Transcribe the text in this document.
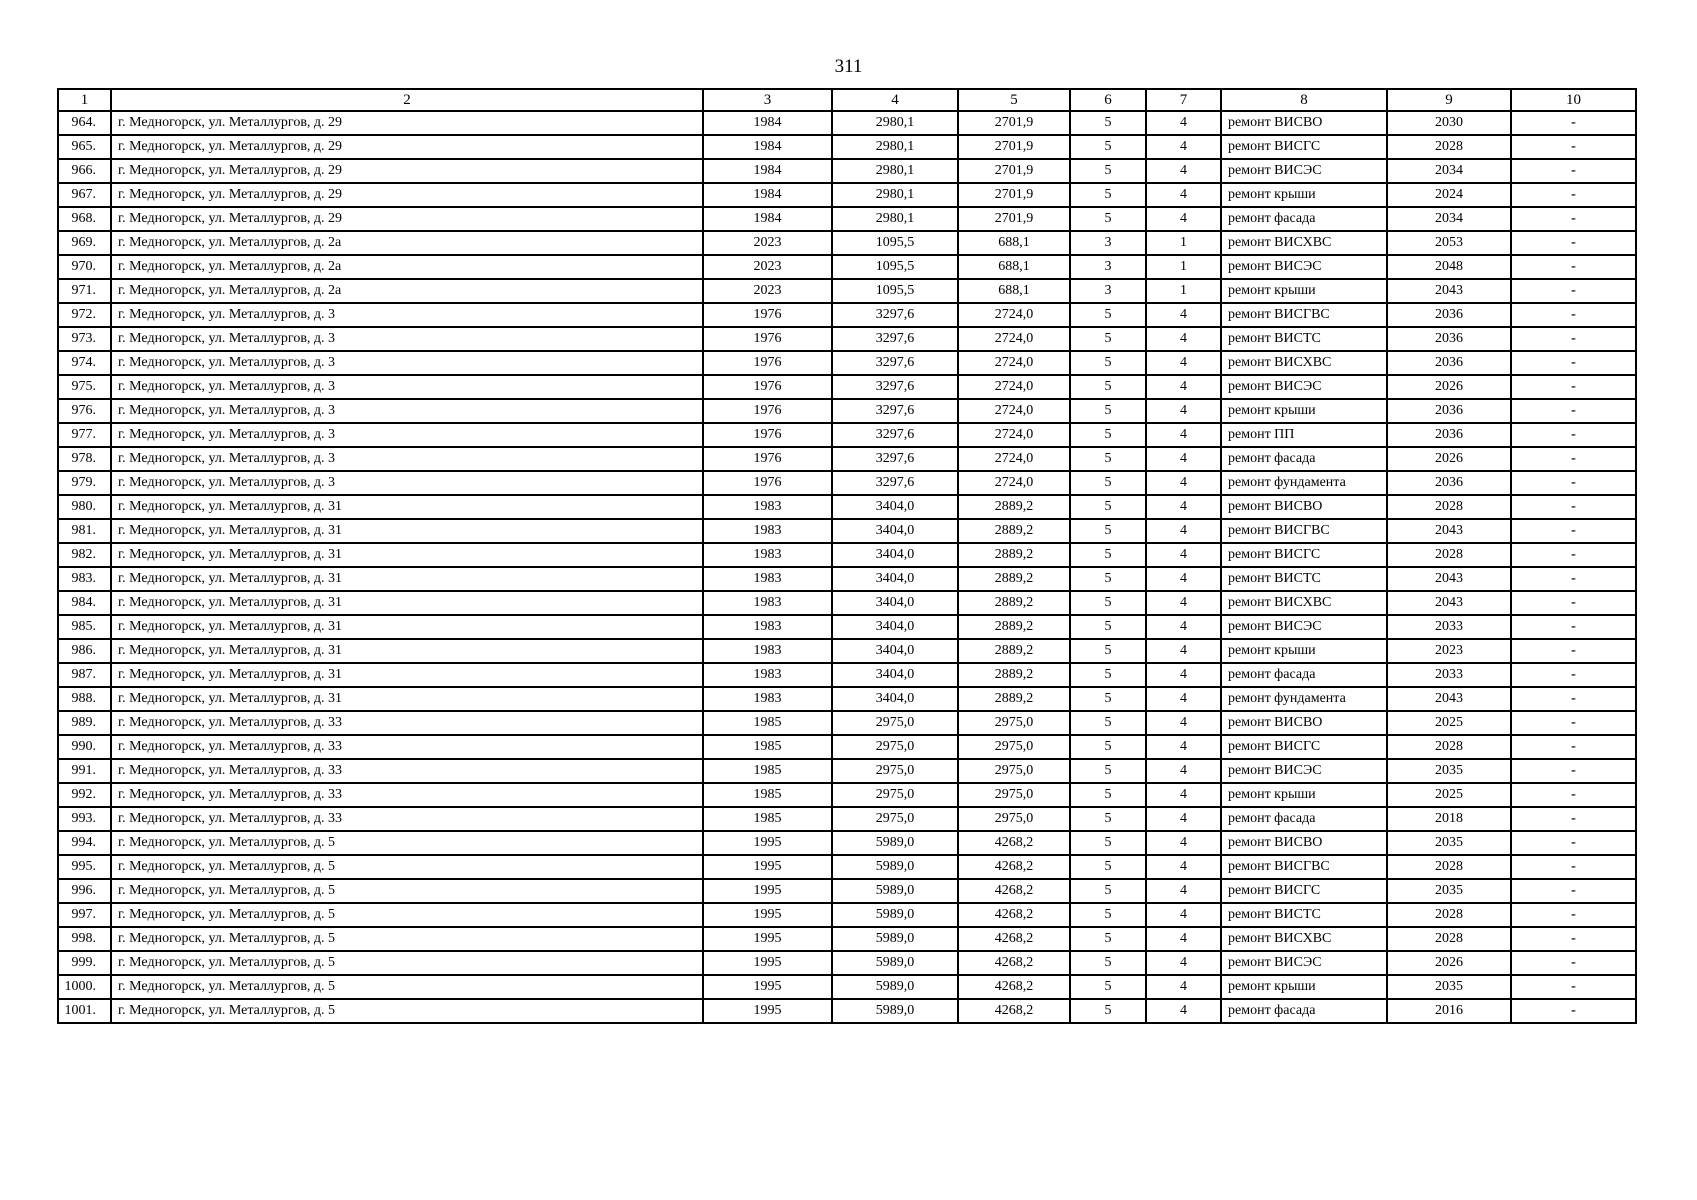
311
1	2	3	4	5	6	7	8	9	10
964.	г. Медногорск, ул. Металлургов, д. 29	1984	2980,1	2701,9	5	4	ремонт ВИСВО	2030	-
965.	г. Медногорск, ул. Металлургов, д. 29	1984	2980,1	2701,9	5	4	ремонт ВИСГС	2028	-
966.	г. Медногорск, ул. Металлургов, д. 29	1984	2980,1	2701,9	5	4	ремонт ВИСЭС	2034	-
967.	г. Медногорск, ул. Металлургов, д. 29	1984	2980,1	2701,9	5	4	ремонт крыши	2024	-
968.	г. Медногорск, ул. Металлургов, д. 29	1984	2980,1	2701,9	5	4	ремонт фасада	2034	-
969.	г. Медногорск, ул. Металлургов, д. 2а	2023	1095,5	688,1	3	1	ремонт ВИСХВС	2053	-
970.	г. Медногорск, ул. Металлургов, д. 2а	2023	1095,5	688,1	3	1	ремонт ВИСЭС	2048	-
971.	г. Медногорск, ул. Металлургов, д. 2а	2023	1095,5	688,1	3	1	ремонт крыши	2043	-
972.	г. Медногорск, ул. Металлургов, д. 3	1976	3297,6	2724,0	5	4	ремонт ВИСГВС	2036	-
973.	г. Медногорск, ул. Металлургов, д. 3	1976	3297,6	2724,0	5	4	ремонт ВИСТС	2036	-
974.	г. Медногорск, ул. Металлургов, д. 3	1976	3297,6	2724,0	5	4	ремонт ВИСХВС	2036	-
975.	г. Медногорск, ул. Металлургов, д. 3	1976	3297,6	2724,0	5	4	ремонт ВИСЭС	2026	-
976.	г. Медногорск, ул. Металлургов, д. 3	1976	3297,6	2724,0	5	4	ремонт крыши	2036	-
977.	г. Медногорск, ул. Металлургов, д. 3	1976	3297,6	2724,0	5	4	ремонт ПП	2036	-
978.	г. Медногорск, ул. Металлургов, д. 3	1976	3297,6	2724,0	5	4	ремонт фасада	2026	-
979.	г. Медногорск, ул. Металлургов, д. 3	1976	3297,6	2724,0	5	4	ремонт фундамента	2036	-
980.	г. Медногорск, ул. Металлургов, д. 31	1983	3404,0	2889,2	5	4	ремонт ВИСВО	2028	-
981.	г. Медногорск, ул. Металлургов, д. 31	1983	3404,0	2889,2	5	4	ремонт ВИСГВС	2043	-
982.	г. Медногорск, ул. Металлургов, д. 31	1983	3404,0	2889,2	5	4	ремонт ВИСГС	2028	-
983.	г. Медногорск, ул. Металлургов, д. 31	1983	3404,0	2889,2	5	4	ремонт ВИСТС	2043	-
984.	г. Медногорск, ул. Металлургов, д. 31	1983	3404,0	2889,2	5	4	ремонт ВИСХВС	2043	-
985.	г. Медногорск, ул. Металлургов, д. 31	1983	3404,0	2889,2	5	4	ремонт ВИСЭС	2033	-
986.	г. Медногорск, ул. Металлургов, д. 31	1983	3404,0	2889,2	5	4	ремонт крыши	2023	-
987.	г. Медногорск, ул. Металлургов, д. 31	1983	3404,0	2889,2	5	4	ремонт фасада	2033	-
988.	г. Медногорск, ул. Металлургов, д. 31	1983	3404,0	2889,2	5	4	ремонт фундамента	2043	-
989.	г. Медногорск, ул. Металлургов, д. 33	1985	2975,0	2975,0	5	4	ремонт ВИСВО	2025	-
990.	г. Медногорск, ул. Металлургов, д. 33	1985	2975,0	2975,0	5	4	ремонт ВИСГС	2028	-
991.	г. Медногорск, ул. Металлургов, д. 33	1985	2975,0	2975,0	5	4	ремонт ВИСЭС	2035	-
992.	г. Медногорск, ул. Металлургов, д. 33	1985	2975,0	2975,0	5	4	ремонт крыши	2025	-
993.	г. Медногорск, ул. Металлургов, д. 33	1985	2975,0	2975,0	5	4	ремонт фасада	2018	-
994.	г. Медногорск, ул. Металлургов, д. 5	1995	5989,0	4268,2	5	4	ремонт ВИСВО	2035	-
995.	г. Медногорск, ул. Металлургов, д. 5	1995	5989,0	4268,2	5	4	ремонт ВИСГВС	2028	-
996.	г. Медногорск, ул. Металлургов, д. 5	1995	5989,0	4268,2	5	4	ремонт ВИСГС	2035	-
997.	г. Медногорск, ул. Металлургов, д. 5	1995	5989,0	4268,2	5	4	ремонт ВИСТС	2028	-
998.	г. Медногорск, ул. Металлургов, д. 5	1995	5989,0	4268,2	5	4	ремонт ВИСХВС	2028	-
999.	г. Медногорск, ул. Металлургов, д. 5	1995	5989,0	4268,2	5	4	ремонт ВИСЭС	2026	-
1000.	г. Медногорск, ул. Металлургов, д. 5	1995	5989,0	4268,2	5	4	ремонт крыши	2035	-
1001.	г. Медногорск, ул. Металлургов, д. 5	1995	5989,0	4268,2	5	4	ремонт фасада	2016	-
